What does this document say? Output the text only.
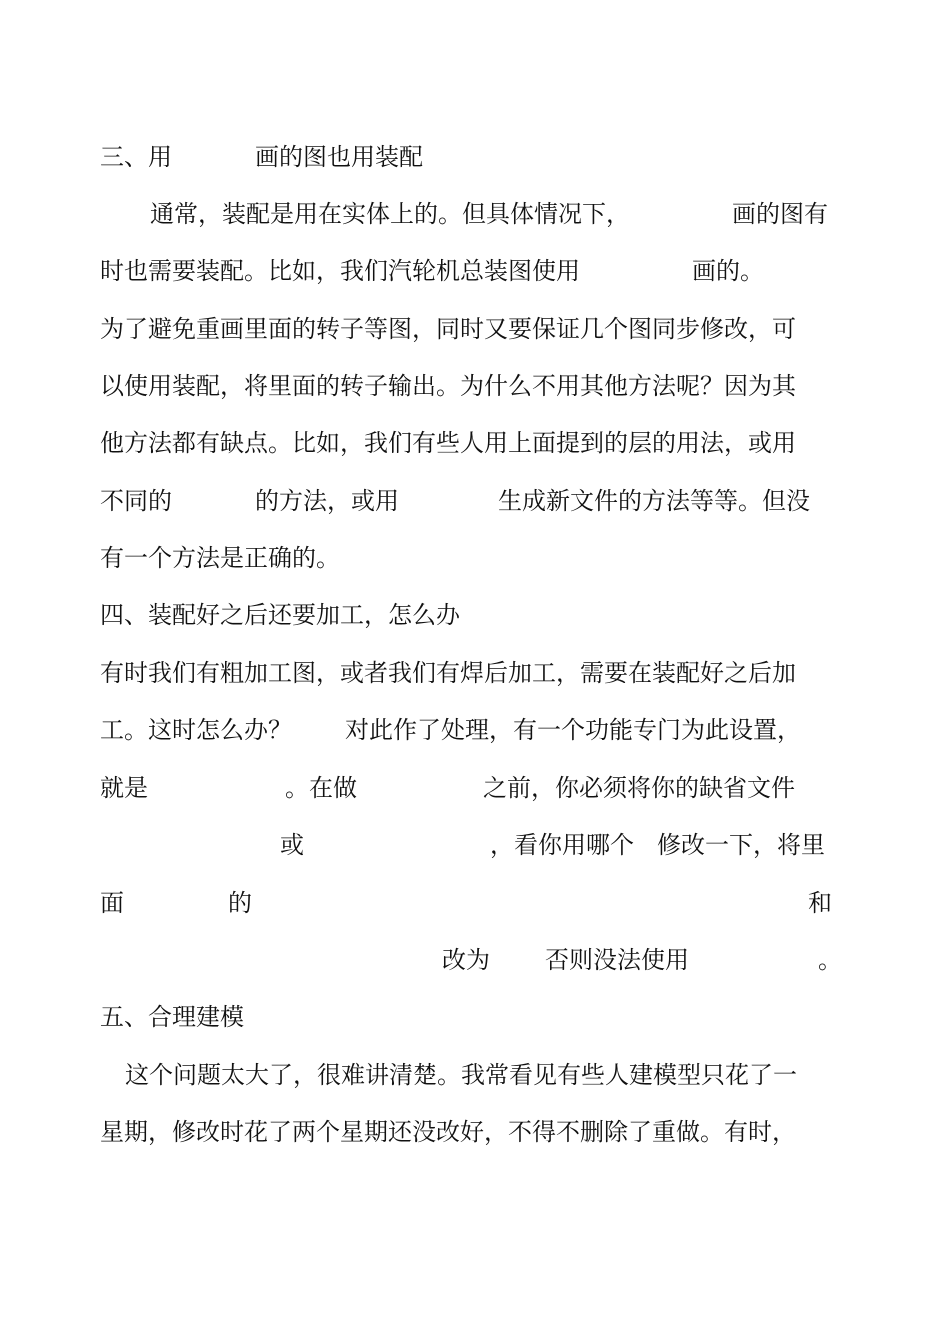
三、用	画的图也用装配
通常，装配是用在实体上的。但具体情况下，	画的图有
时也需要装配。比如，我们汽轮机总装图使用	画的。
为了避免重画里面的转子等图，同时又要保证几个图同步修改，可
以使用装配，将里面的转子输出。为什么不用其他方法呢？因为其
他方法都有缺点。比如，我们有些人用上面提到的层的用法，或用
不同的	的方法，或用	生成新文件的方法等等。但没
有一个方法是正确的。
四、装配好之后还要加工，怎么办
有时我们有粗加工图，或者我们有焊后加工，需要在装配好之后加
工。这时怎么办？ 对此作了处理，有一个功能专门为此设置，
就是	。在做	之前，你必须将你的缺省文件
或	，看你用哪个 修改一下，将里
面	的	和
改为 否则没法使用	。
五、合理建模
这个问题太大了，很难讲清楚。我常看见有些人建模型只花了一
星期，修改时花了两个星期还没改好，不得不删除了重做。有时，
